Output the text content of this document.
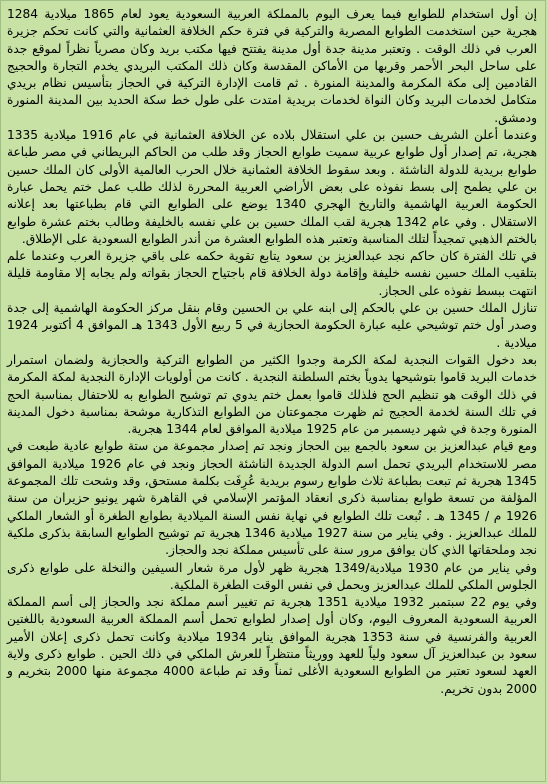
إن أول استخدام للطوابع فيما يعرف اليوم بالمملكة العربية السعودية يعود لعام 1865 ميلادية 1284 هجرية حين استخدمت الطوابع المصرية والتركية في فترة حكم الخلافة العثمانية والتي كانت تحكم جزيرة العرب في ذلك الوقت . وتعتبر مدينة جدة أول مدينة يفتتح فيها مكتب بريد وكان مصرياً نظراً لموقع جدة على ساحل البحر الأحمر وقربها من الأماكن المقدسة وكان ذلك المكتب البريدي يخدم التجارة والحجيج القادمين إلى مكة المكرمة والمدينة المنورة . ثم قامت الإدارة التركية في الحجاز بتأسيس نظام بريدي متكامل لخدمات البريد وكان النواة لخدمات بريدية امتدت على طول خط سكة الحديد بين المدينة المنورة ودمشق.

وعندما أعلن الشريف حسين بن علي استقلال بلاده عن الخلافة العثمانية في عام 1916 ميلادية 1335 هجرية، تم إصدار أول طوابع عربية سميت طوابع الحجاز وقد طلب من الحاكم البريطاني في مصر طباعة طوابع بريدية للدولة الناشئة . وبعد سقوط الخلافة العثمانية خلال الحرب العالمية الأولى كان الملك حسين بن علي يطمح إلى بسط نفوذه على بعض الأراضي العربية المحررة لذلك طلب عمل ختم يحمل عبارة الحكومة العربية الهاشمية والتاريخ الهجري 1340 يوضع على الطوابع التي قام بطباعتها بعد إعلانه الاستقلال . وفي عام 1342 هجرية لقب الملك حسين بن علي نفسه بالخليفة وطالب بختم عشرة طوابع بالختم الذهبي تمجيداً لتلك المناسبة وتعتبر هذه الطوابع العشرة من أندر الطوابع السعودية على الإطلاق.

في تلك الفترة كان حاكم نجد عبدالعزيز بن سعود يتابع تقوية حكمه على باقي جزيرة العرب وعندما علم بتلقيب الملك حسين نفسه خليفة وإقامة دولة الخلافة قام باجتياح الحجاز بقواته ولم يجابه إلا مقاومة قليلة انتهت ببسط نفوذه على الحجاز.

تنازل الملك حسين بن علي بالحكم إلى ابنه علي بن الحسين وقام بنقل مركز الحكومة الهاشمية إلى جدة وصدر أول ختم توشيحي عليه عبارة الحكومة الحجازية في 5 ربيع الأول 1343 هـ الموافق 4 أكتوبر 1924 ميلادية .

بعد دخول القوات النجدية لمكة الكرمة وجدوا الكثير من الطوابع التركية والحجازية ولضمان استمرار خدمات البريد قاموا بتوشيحها يدوياً بختم السلطنة النجدية . كانت من أولويات الإدارة النجدية لمكة المكرمة في ذلك الوقت هو تنظيم الحج فلذلك قاموا بعمل ختم يدوي تم توشيح الطوابع به للاحتفال بمناسبة الحج في تلك السنة لخدمة الحجيج ثم ظهرت مجموعتان من الطوابع التذكارية موشحة بمناسبة دخول المدينة المنورة وجدة في شهر ديسمبر من عام 1925 ميلادية الموافق لعام 1344 هجرية.

ومع قيام عبدالعزيز بن سعود بالجمع بين الحجاز ونجد تم إصدار مجموعة من ستة طوابع عادية طبعت في مصر للاستخدام البريدي تحمل اسم الدولة الجديدة الناشئة الحجاز ونجد في عام 1926 ميلادية الموافق 1345 هجرية ثم تبعت بطباعة ثلاث طوابع رسوم بريدية عُرِفَت بكلمة مستحق، وقد وشحت تلك المجموعة المؤلفة من تسعة طوابع بمناسبة ذكرى انعقاد المؤتمر الإسلامي في القاهرة شهر يونيو حزيران من سنة 1926 م / 1345 هـ . تُبعت تلك الطوابع في نهاية نفس السنة الميلادية بطوابع الطغرة أو الشعار الملكي للملك عبدالعزيز . وفي يناير من سنة 1927 ميلادية 1346 هجرية تم توشيح الطوابع السابقة بذكرى ملكية نجد وملحقاتها الذي كان يوافق مرور سنة على تأسيس مملكة نجد والحجاز.

وفي يناير من عام 1930 ميلادية/1349 هجرية ظهر لأول مرة شعار السيفين والنخلة على طوابع ذكرى الجلوس الملكي للملك عبدالعزيز ويحمل في نفس الوقت الطغرة الملكية.

وفي يوم 22 سبتمبر 1932 ميلادية 1351 هجرية تم تغيير أسم مملكة نجد والحجاز إلى أسم المملكة العربية السعودية المعروف اليوم، وكان أول إصدار لطوابع تحمل أسم المملكة العربية السعودية باللغتين العربية والفرنسية في سنة 1353 هجرية الموافق يناير 1934 ميلادية وكانت تحمل ذكرى إعلان الأمير سعود بن عبدالعزيز آل سعود ولياً للعهد ووريثاً منتظراً للعرش الملكي في ذلك الحين . طوابع ذكرى ولاية العهد لسعود تعتبر من الطوابع السعودية الأغلى ثمناً وقد تم طباعة 4000 مجموعة منها 2000 بتخريم و 2000 بدون تخريم.
